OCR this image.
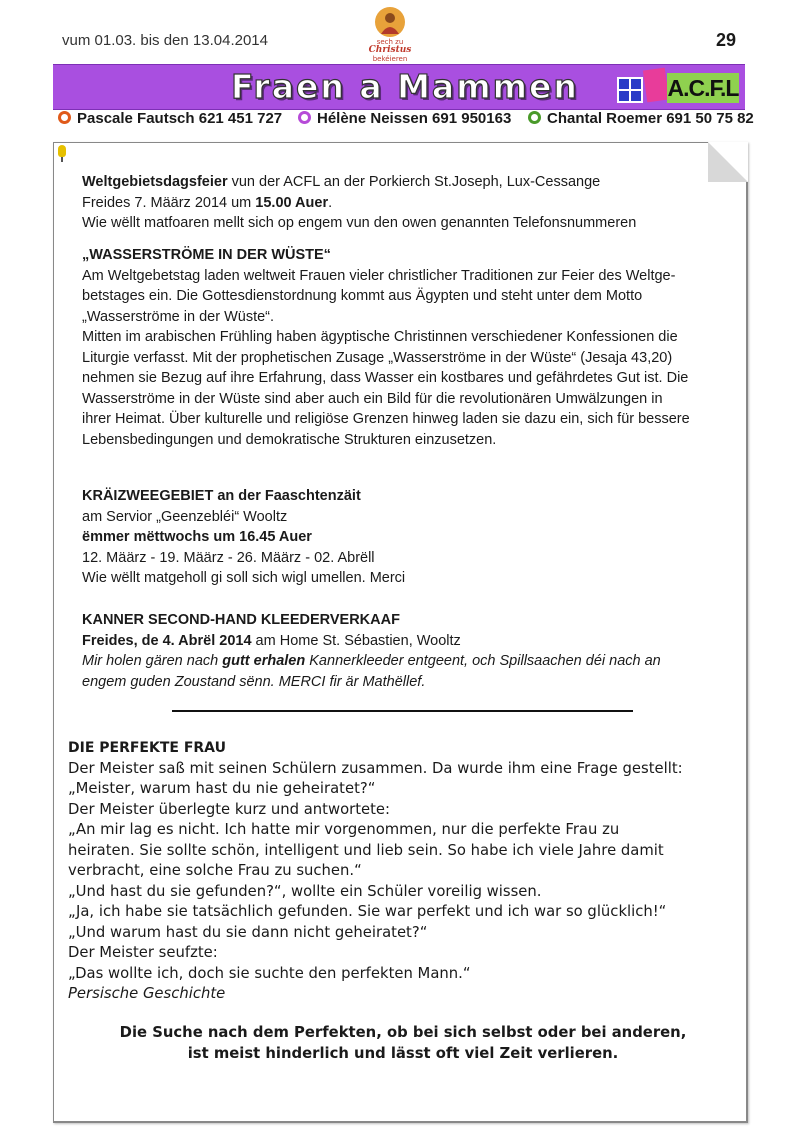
vum 01.03. bis den 13.04.2014	sech zu
Christus
bekéieren
29
Fraen a Mammen	A.C.F.L
Pascale Fautsch 621 451 727	Hélène Neissen 691 950163	Chantal Roemer 691 50 75 82

Weltgebietsdagsfeier vun der ACFL an der Porkierch St.Joseph, Lux-Cessange

Freides 7. Määrz 2014 um 15.00 Auer.

Wie wëllt matfoaren mellt sich op engem vun den owen genannten Telefonsnummeren

„WASSERSTRÖME IN DER WÜSTE“

Am Weltgebetstag laden weltweit Frauen vieler christlicher Traditionen zur Feier des Weltge-

betstages ein. Die Gottesdienstordnung kommt aus Ägypten und steht unter dem Motto

„Wasserströme in der Wüste“.

Mitten im arabischen Frühling haben ägyptische Christinnen verschiedener Konfessionen die

Liturgie verfasst. Mit der prophetischen Zusage „Wasserströme in der Wüste“ (Jesaja 43,20)

nehmen sie Bezug auf ihre Erfahrung, dass Wasser ein kostbares und gefährdetes Gut ist. Die

Wasserströme in der Wüste sind aber auch ein Bild für die revolutionären Umwälzungen in

ihrer Heimat. Über kulturelle und religiöse Grenzen hinweg laden sie dazu ein, sich für bessere

Lebensbedingungen und demokratische Strukturen einzusetzen.

KRÄIZWEEGEBIET an der Faaschtenzäit

am Servior „Geenzebléi“ Wooltz

ëmmer mëttwochs um 16.45 Auer

12. Määrz - 19. Määrz - 26. Määrz - 02. Abrëll

Wie wëllt matgeholl gi soll sich wigl umellen. Merci

KANNER SECOND-HAND KLEEDERVERKAAF

Freides, de 4. Abrël 2014 am Home St. Sébastien, Wooltz

Mir holen gären nach gutt erhalen Kannerkleeder entgeent, och Spillsaachen déi nach an

engem guden Zoustand sënn. MERCI fir är Mathëllef.

DIE PERFEKTE FRAU

Der Meister saß mit seinen Schülern zusammen. Da wurde ihm eine Frage gestellt:

„Meister, warum hast du nie geheiratet?“

Der Meister überlegte kurz und antwortete:

„An mir lag es nicht. Ich hatte mir vorgenommen, nur die perfekte Frau zu

heiraten. Sie sollte schön, intelligent und lieb sein. So habe ich viele Jahre damit

verbracht, eine solche Frau zu suchen.“

„Und hast du sie gefunden?“, wollte ein Schüler voreilig wissen.

„Ja, ich habe sie tatsächlich gefunden. Sie war perfekt und ich war so glücklich!“

„Und warum hast du sie dann nicht geheiratet?“

Der Meister seufzte:

„Das wollte ich, doch sie suchte den perfekten Mann.“

Persische Geschichte

Die Suche nach dem Perfekten, ob bei sich selbst oder bei anderen,

ist meist hinderlich und lässt oft viel Zeit verlieren.
